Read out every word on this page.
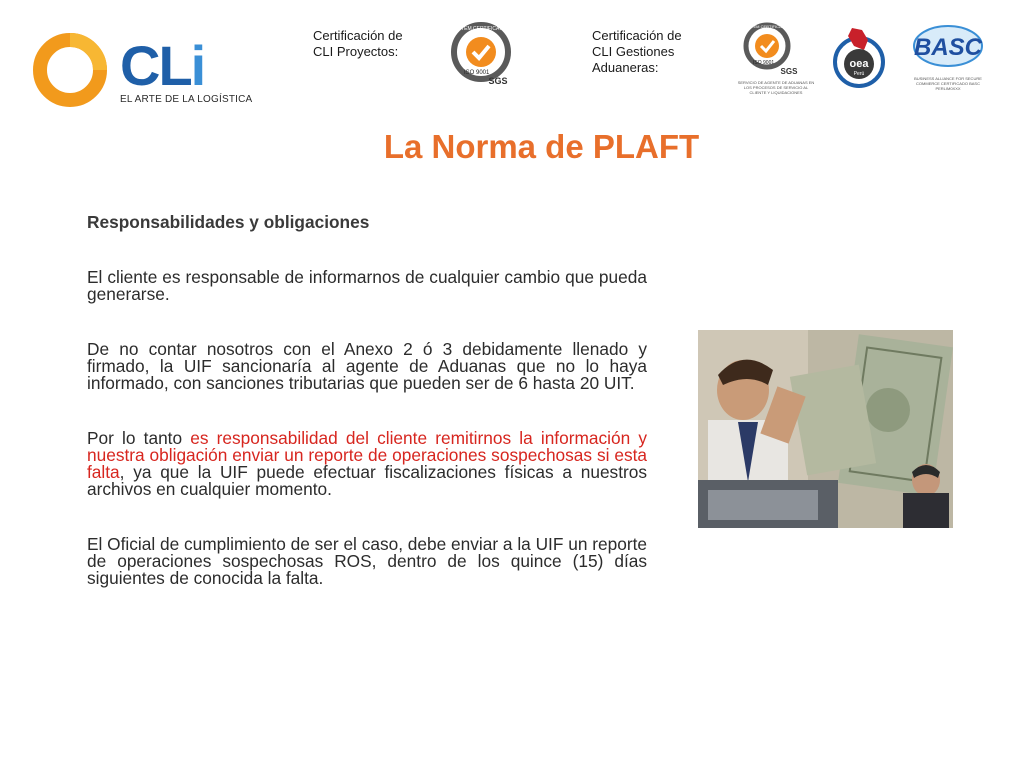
CLi
EL ARTE DE LA LOGÍSTICA
Certificación de CLI Proyectos:
Certificación de CLI Gestiones Aduaneras:
SYSTEM CERTIFICATION
ISO 9001
SGS
SYSTEM CERTIFICATION
ISO 9001
SGS
SERVICIO DE AGENTE DE ADUANAS EN LOS PROCESOS DE SERVICIO AL CLIENTE Y LIQUIDACIONES
oea
Perú
BASC
BUSINESS ALLIANCE FOR SECURE COMMERCE CERTIFICADO BASC PERLIM0XXX
La Norma de PLAFT
Responsabilidades y obligaciones

El cliente es responsable de informarnos de cualquier cambio que pueda generarse.

De no contar nosotros con el Anexo 2 ó 3 debidamente llenado y firmado, la UIF sancionaría al agente de Aduanas que no lo haya informado, con sanciones tributarias que pueden ser de 6 hasta 20 UIT.

Por lo tanto es responsabilidad del cliente remitirnos la información y nuestra obligación enviar un reporte de operaciones sospechosas si esta falta, ya que la UIF puede efectuar fiscalizaciones físicas a nuestros archivos en cualquier momento.

El Oficial de cumplimiento de ser el caso, debe enviar a la UIF un reporte de operaciones sospechosas ROS, dentro de los quince (15) días siguientes de conocida la falta.
